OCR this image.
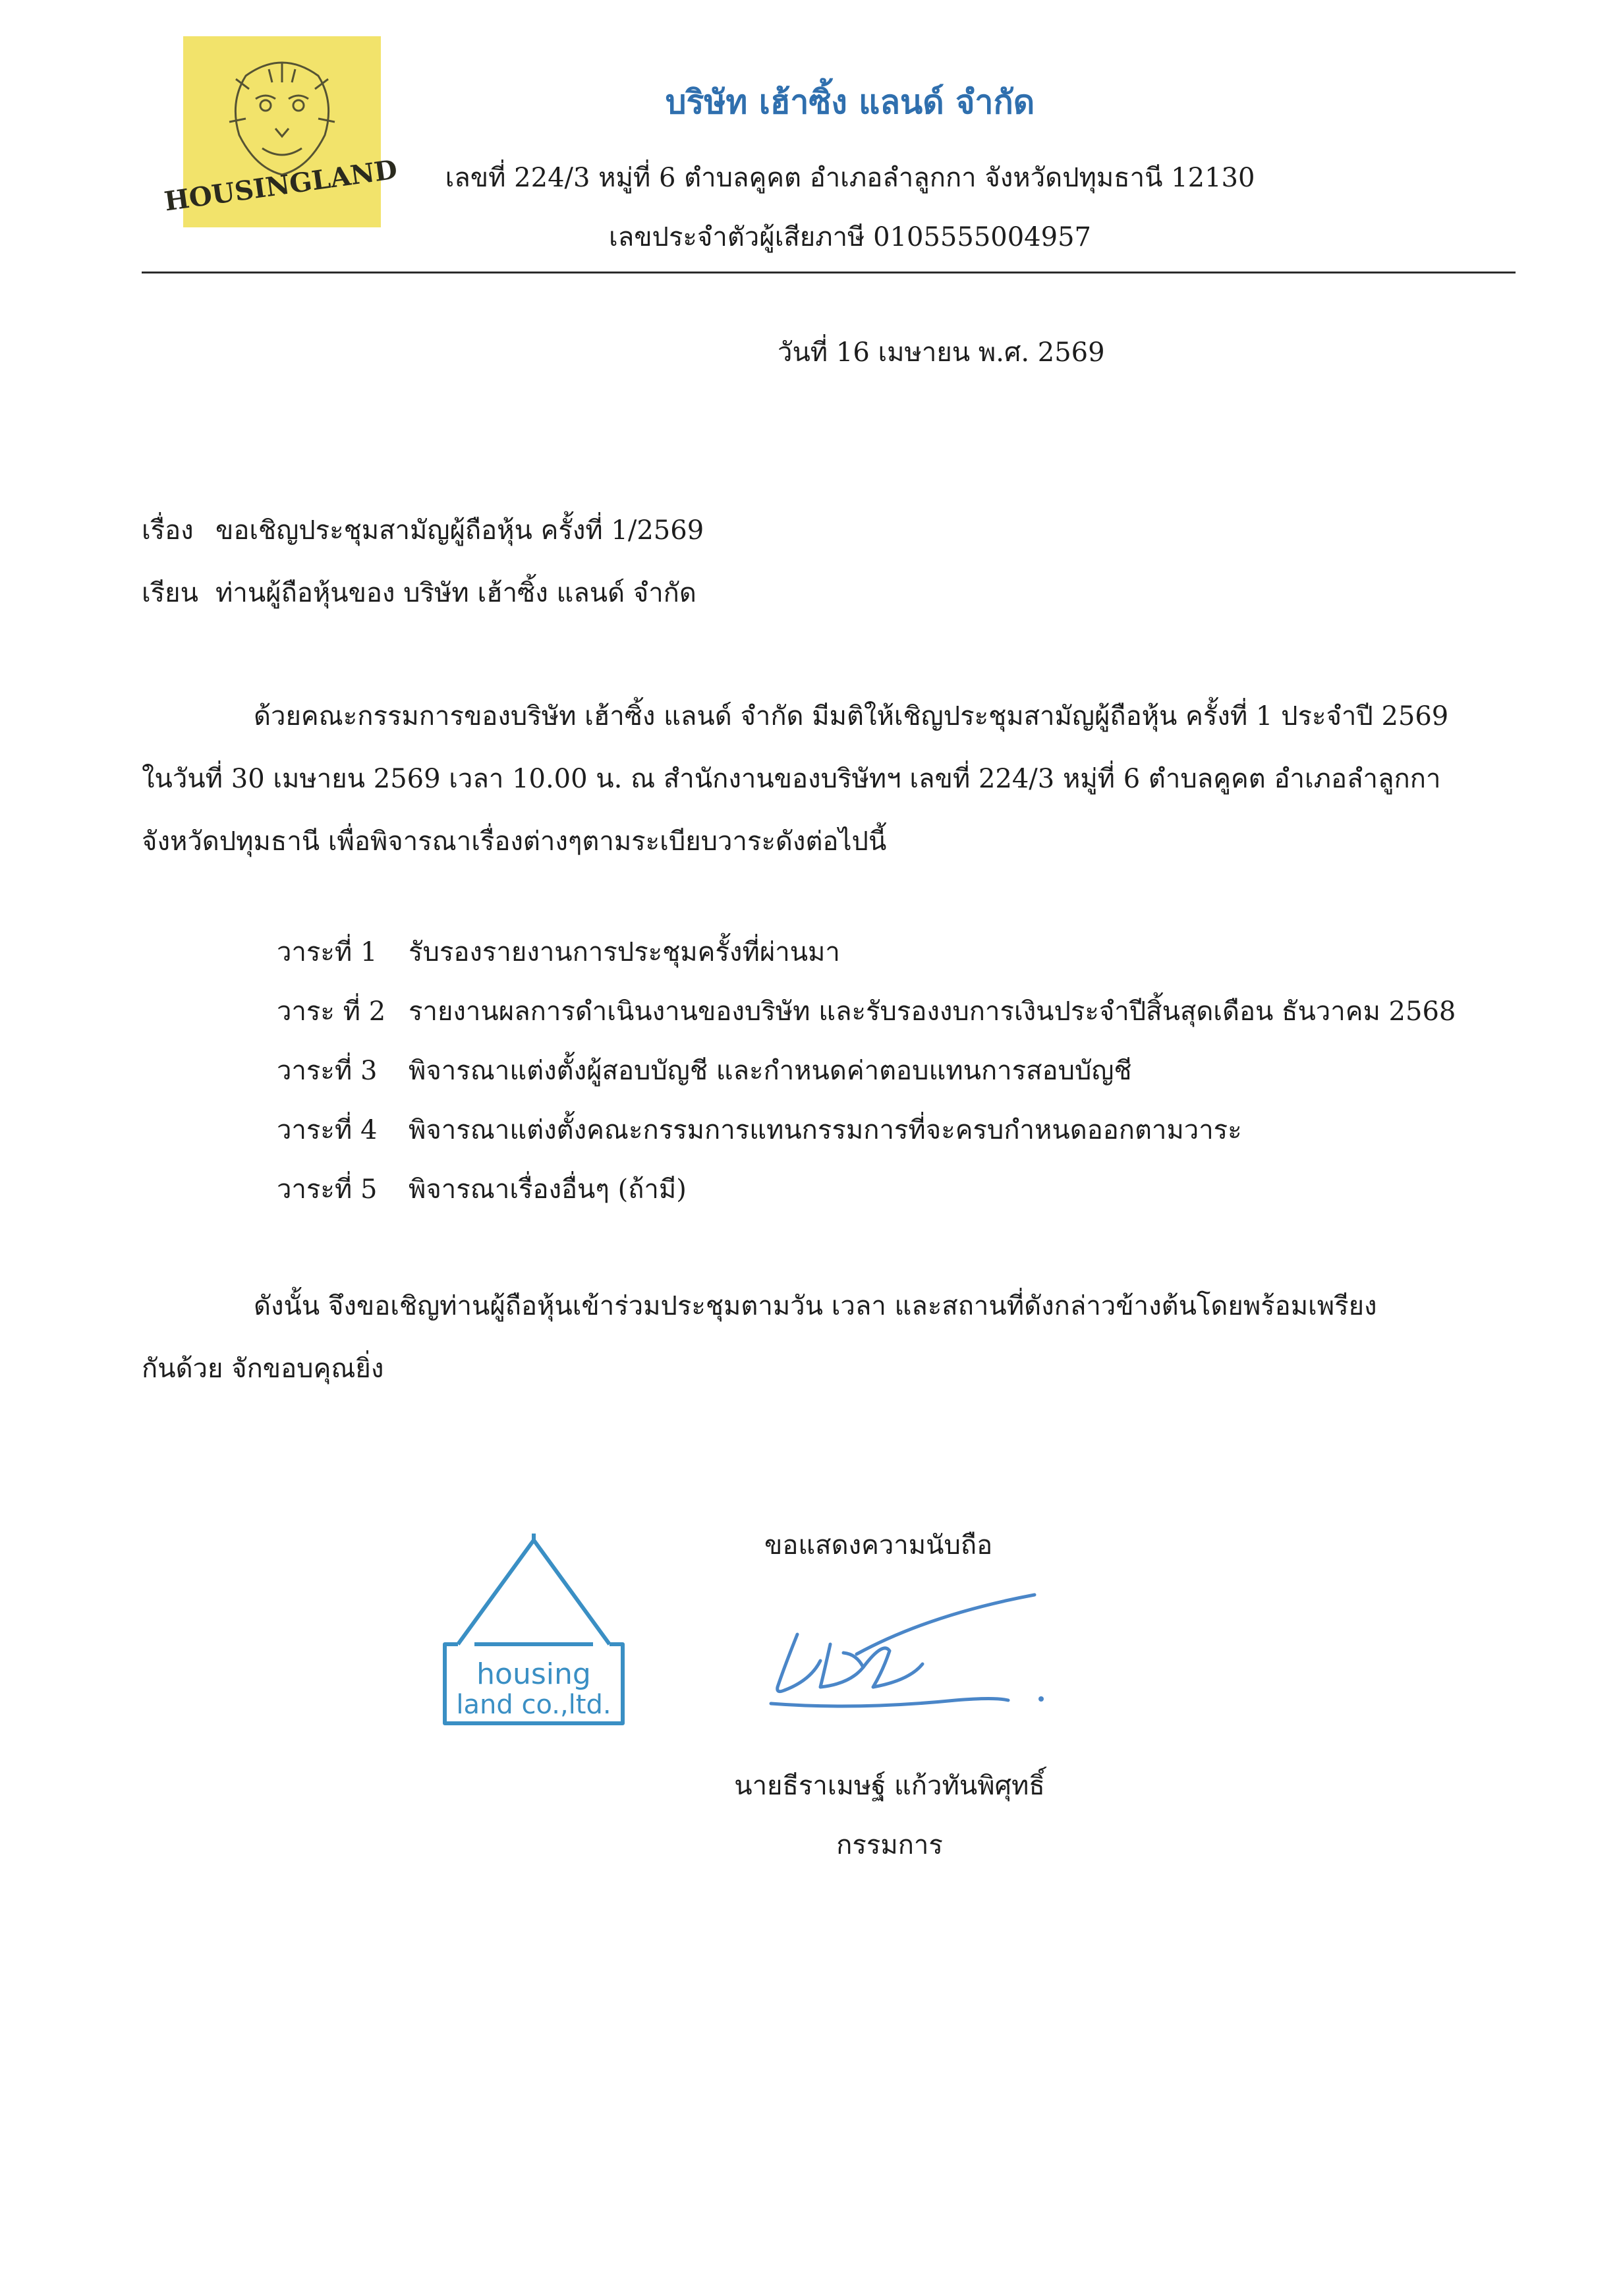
HOUSINGLAND
บริษัท เฮ้าซิ้ง แลนด์ จำกัด
เลขที่ 224/3 หมู่ที่ 6 ตำบลคูคต อำเภอลำลูกกา จังหวัดปทุมธานี 12130
เลขประจำตัวผู้เสียภาษี 0105555004957
วันที่ 16 เมษายน พ.ศ. 2569
เรื่อง ขอเชิญประชุมสามัญผู้ถือหุ้น ครั้งที่ 1/2569
เรียน ท่านผู้ถือหุ้นของ บริษัท เฮ้าซิ้ง แลนด์ จำกัด
ด้วยคณะกรรมการของบริษัท เฮ้าซิ้ง แลนด์ จำกัด มีมติให้เชิญประชุมสามัญผู้ถือหุ้น ครั้งที่ 1 ประจำปี 2569
ในวันที่ 30 เมษายน 2569 เวลา 10.00 น. ณ สำนักงานของบริษัทฯ เลขที่ 224/3 หมู่ที่ 6 ตำบลคูคต อำเภอลำลูกกา
จังหวัดปทุมธานี เพื่อพิจารณาเรื่องต่างๆตามระเบียบวาระดังต่อไปนี้
วาระที่ 1 รับรองรายงานการประชุมครั้งที่ผ่านมา
วาระ ที่ 2 รายงานผลการดำเนินงานของบริษัท และรับรองงบการเงินประจำปีสิ้นสุดเดือน ธันวาคม 2568
วาระที่ 3 พิจารณาแต่งตั้งผู้สอบบัญชี และกำหนดค่าตอบแทนการสอบบัญชี
วาระที่ 4 พิจารณาแต่งตั้งคณะกรรมการแทนกรรมการที่จะครบกำหนดออกตามวาระ
วาระที่ 5 พิจารณาเรื่องอื่นๆ (ถ้ามี)
ดังนั้น จึงขอเชิญท่านผู้ถือหุ้นเข้าร่วมประชุมตามวัน เวลา และสถานที่ดังกล่าวข้างต้นโดยพร้อมเพรียง
กันด้วย จักขอบคุณยิ่ง
ขอแสดงความนับถือ
housing
land co.,ltd.
นายธีราเมษฐ์ แก้วทันพิศุทธิ์
กรรมการ
